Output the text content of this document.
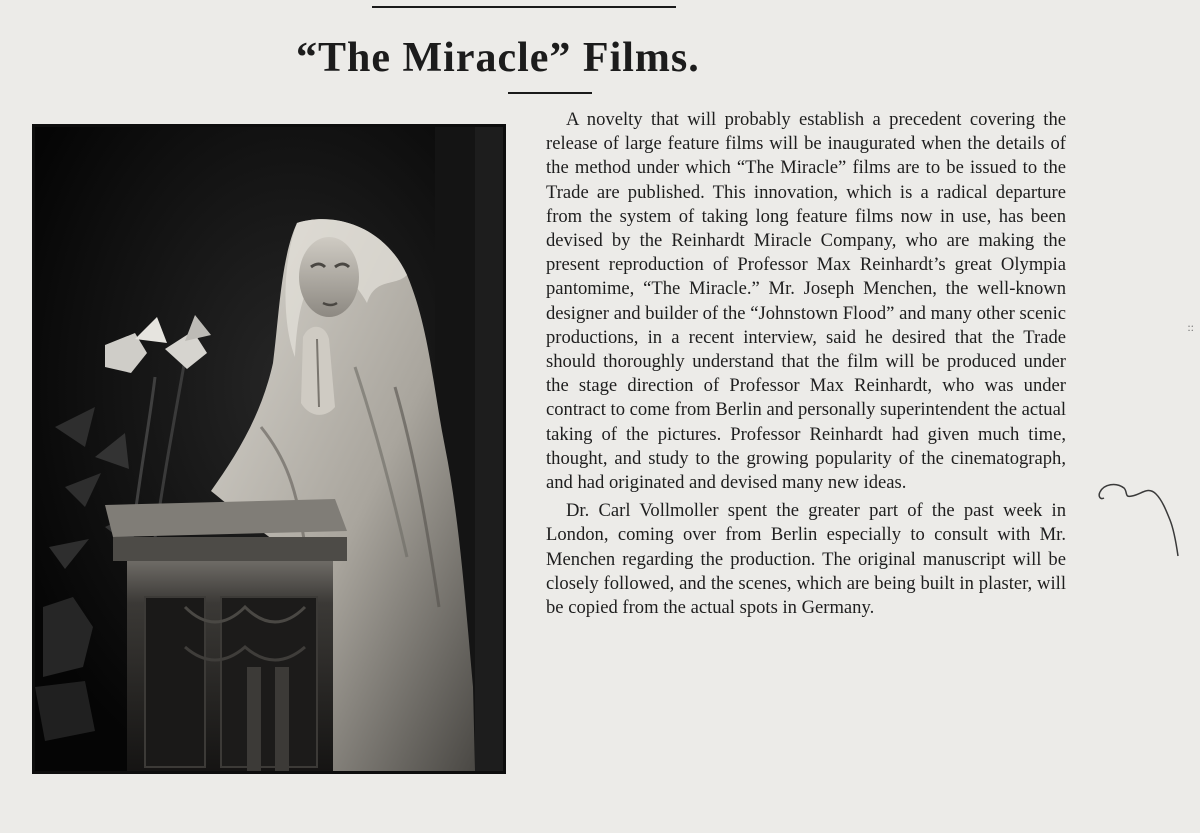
“The Miracle” Films.

A novelty that will probably establish a precedent covering the release of large feature films will be inaugurated when the details of the method under which “The Miracle” films are to be issued to the Trade are published. This innovation, which is a radical departure from the system of taking long feature films now in use, has been devised by the Reinhardt Miracle Company, who are making the present reproduction of Professor Max Reinhardt’s great Olympia pantomime, “The Miracle.” Mr. Joseph Menchen, the well-known designer and builder of the “Johnstown Flood” and many other scenic productions, in a recent interview, said he desired that the Trade should thoroughly understand that the film will be produced under the stage direction of Professor Max Reinhardt, who was under contract to come from Berlin and personally superintendent the actual taking of the pictures. Professor Reinhardt had given much time, thought, and study to the growing popularity of the cinematograph, and had originated and devised many new ideas.

Dr. Carl Vollmoller spent the greater part of the past week in London, coming over from Berlin especially to consult with Mr. Menchen regarding the production. The original manuscript will be closely followed, and the scenes, which are being built in plaster, will be copied from the actual spots in Germany.

::
